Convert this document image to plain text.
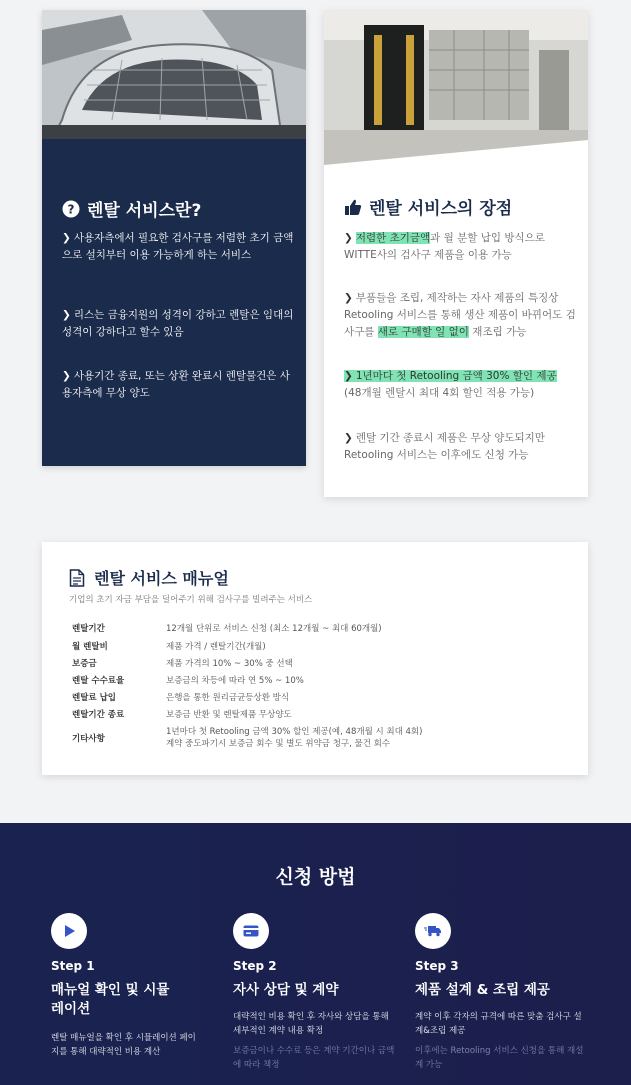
? 렌탈 서비스란?
❯ 사용자측에서 필요한 검사구를 저렴한 초기 금액으로 설치부터 이용 가능하게 하는 서비스
❯ 리스는 금융지원의 성격이 강하고 렌탈은 임대의 성격이 강하다고 할수 있음
❯ 사용기간 종료, 또는 상환 완료시 렌탈물건은 사용자측에 무상 양도
렌탈 서비스의 장점
❯ 저렴한 초기금액과 월 분할 납입 방식으로 WITTE사의 검사구 제품을 이용 가능
❯ 부품들을 조립, 제작하는 자사 제품의 특징상 Retooling 서비스를 통해 생산 제품이 바뀌어도 검사구를 새로 구매할 일 없이 재조립 가능
❯ 1년마다 첫 Retooling 금액 30% 할인 제공
(48개월 렌탈시 최대 4회 할인 적용 가능)
❯ 렌탈 기간 종료시 제품은 무상 양도되지만 Retooling 서비스는 이후에도 신청 가능
렌탈 서비스 매뉴얼
기업의 초기 자금 부담을 덜어주기 위해 검사구를 빌려주는 서비스
렌탈기간	12개월 단위로 서비스 신청 (최소 12개월 ~ 최대 60개월)
월 렌탈비	제품 가격 / 렌탈기간(개월)
보증금	제품 가격의 10% ~ 30% 중 선택
렌탈 수수료율	보증금의 차등에 따라 연 5% ~ 10%
렌탈료 납입	은행을 통한 원리금균등상환 방식
렌탈기간 종료	보증금 반환 및 렌탈제품 무상양도
기타사항
1년마다 첫 Retooling 금액 30% 할인 제공(예, 48개월 시 최대 4회)
계약 중도파기시 보증금 회수 및 별도 위약금 청구, 물건 회수
신청 방법
Step 1
매뉴얼 확인 및 시뮬레이션
렌탈 매뉴얼을 확인 후 시뮬레이션 페이지를 통해 대략적인 비용 계산
Step 2
자사 상담 및 계약
대략적인 비용 확인 후 자사와 상담을 통해 세부적인 계약 내용 확정
보증금이나 수수료 등은 계약 기간이나 금액에 따라 책정
Step 3
제품 설계 & 조립 제공
계약 이후 각자의 규격에 따른 맞춤 검사구 설계&조립 제공
이후에는 Retooling 서비스 신청을 통해 재설계 가능
